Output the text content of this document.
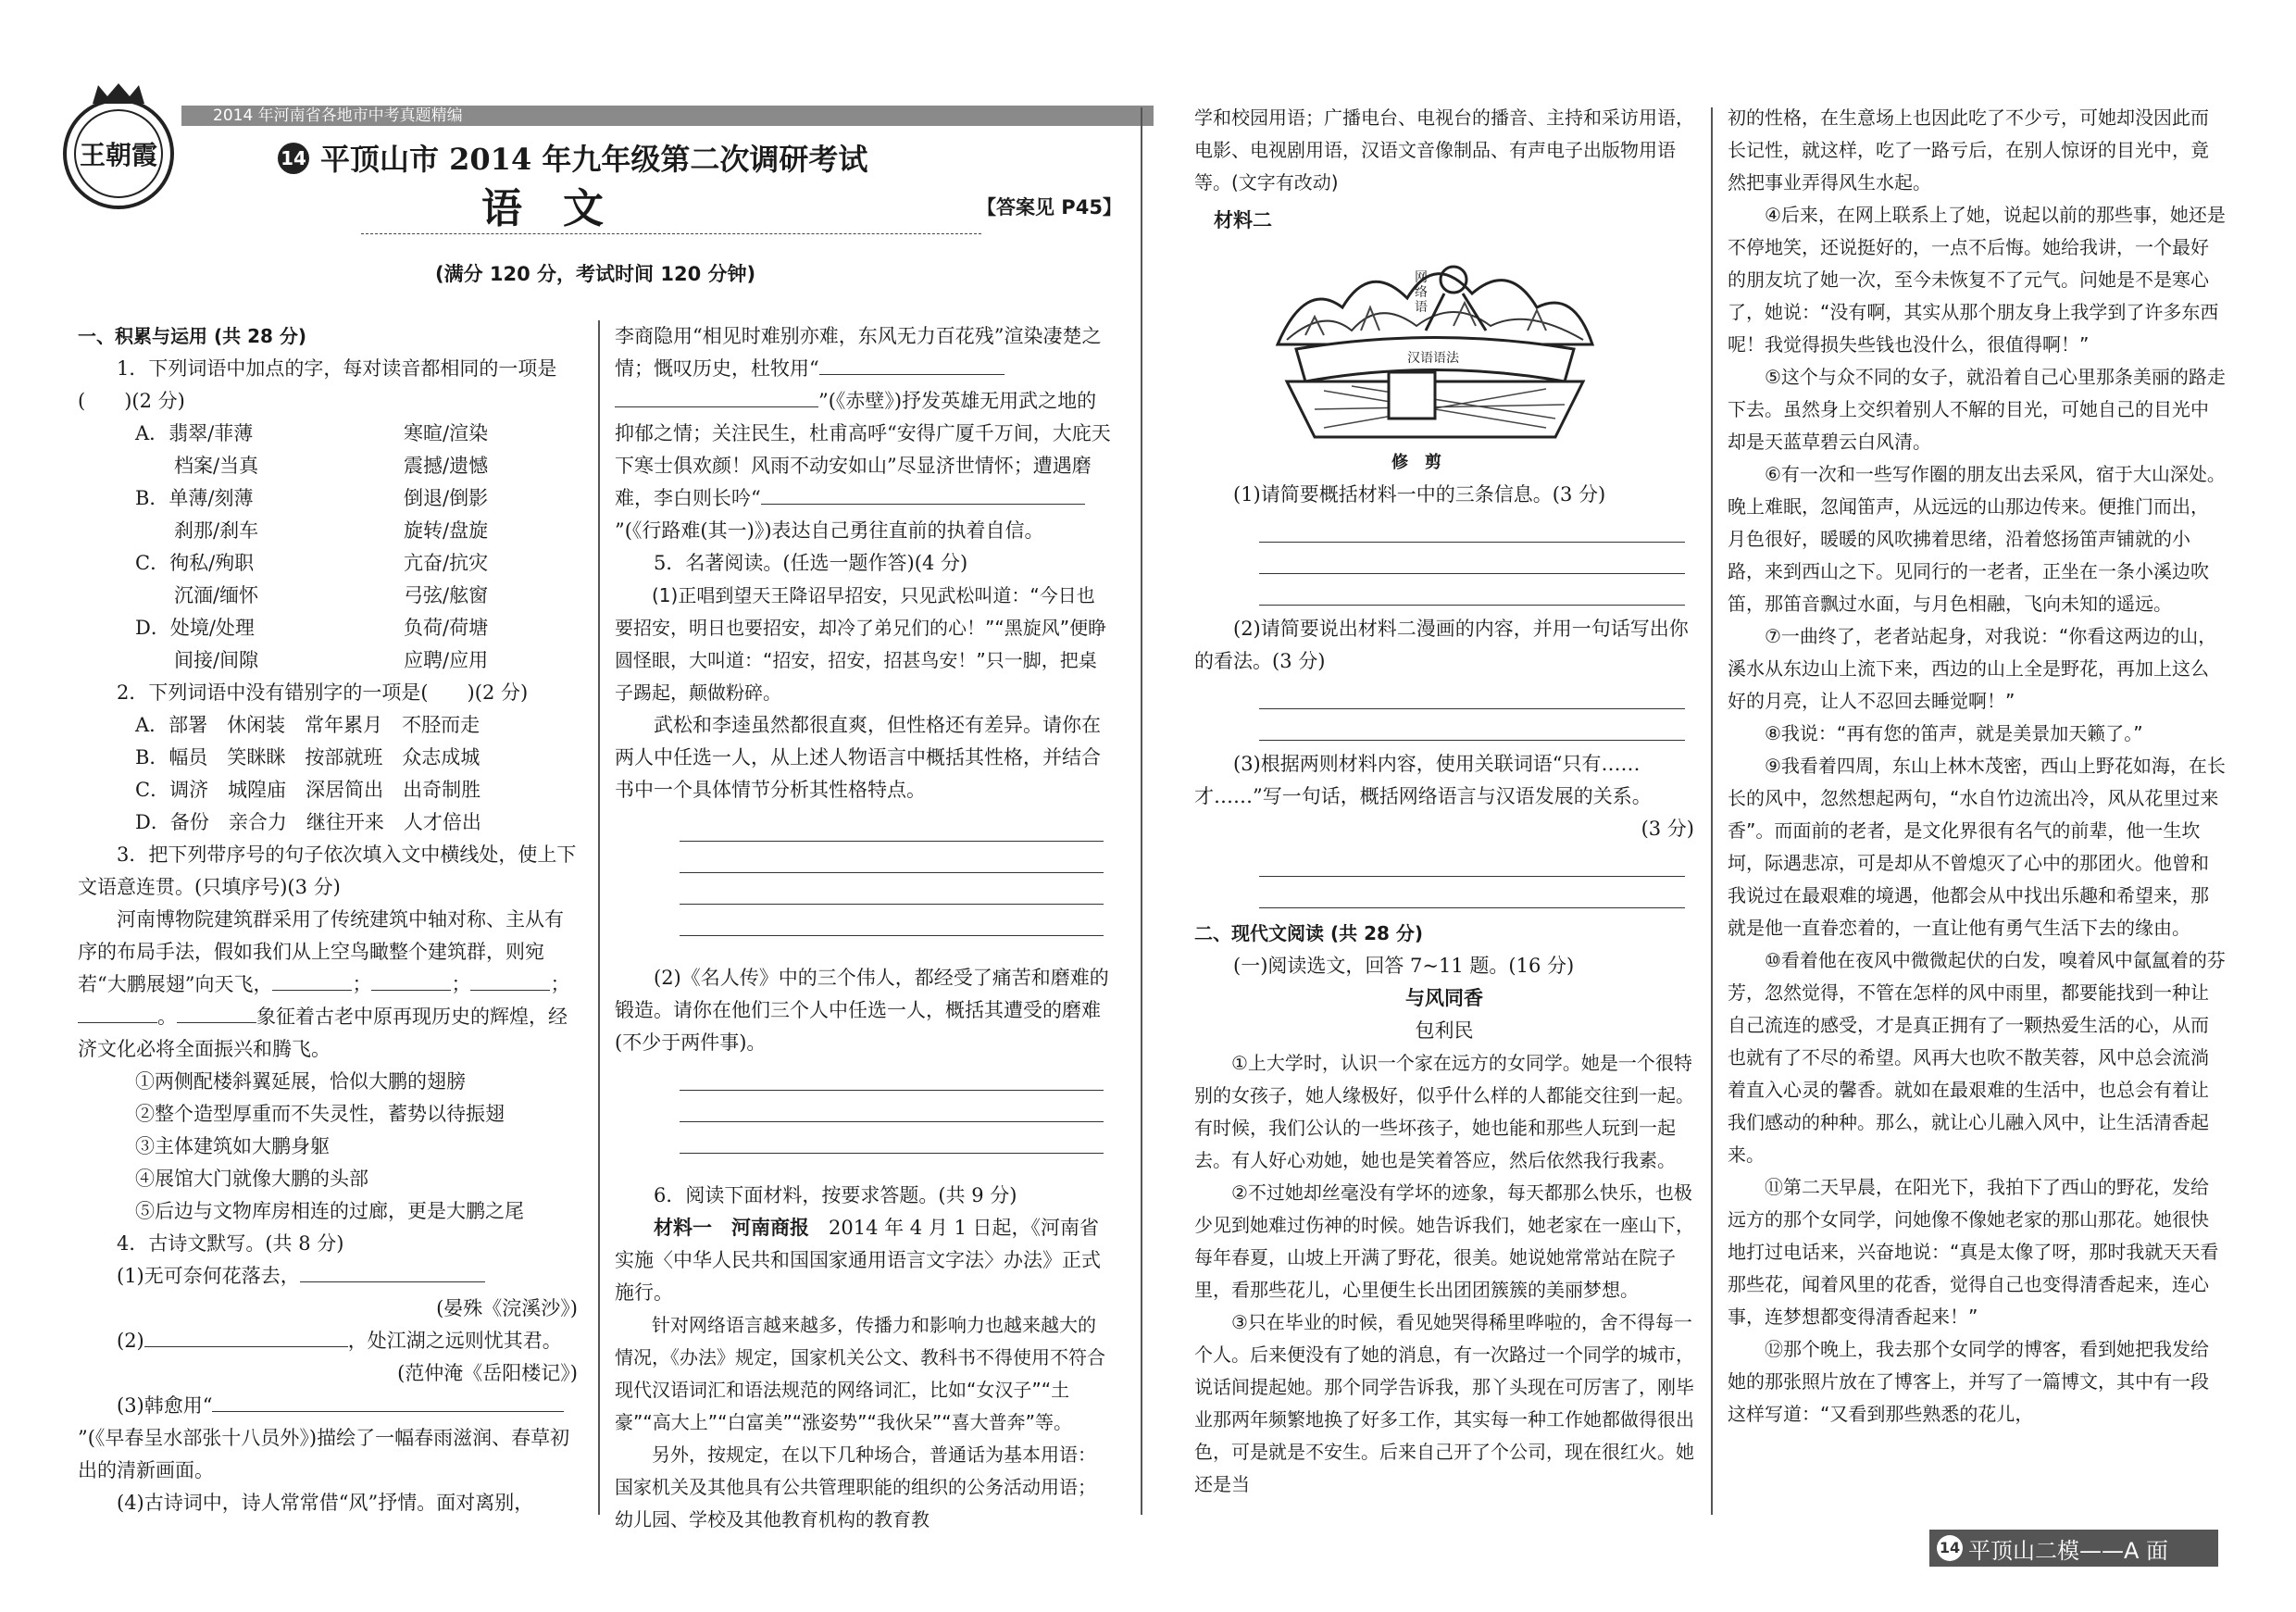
王朝霞
2014 年河南省各地市中考真题精编
14 平顶山市 2014 年九年级第二次调研考试
语　文	【答案见 P45】
(满分 120 分，考试时间 120 分钟)

一、积累与运用 (共 28 分)

1．下列词语中加点的字，每对读音都相同的一项是(　　)(2 分)

A．翡翠/菲薄	寒暄/渲染
　　档案/当真	震撼/遗憾
B．单薄/刻薄	倒退/倒影
　　刹那/刹车	旋转/盘旋
C．徇私/殉职	亢奋/抗灾
　　沉湎/缅怀	弓弦/舷窗
D．处境/处理	负荷/荷塘
　　间接/间隙	应聘/应用

2．下列词语中没有错别字的一项是(　　)(2 分)

A．部署　休闲装　常年累月　不胫而走

B．幅员　笑眯眯　按部就班　众志成城

C．调济　城隍庙　深居简出　出奇制胜

D．备份　亲合力　继往开来　人才倍出

3．把下列带序号的句子依次填入文中横线处，使上下文语意连贯。(只填序号)(3 分)

河南博物院建筑群采用了传统建筑中轴对称、主从有序的布局手法，假如我们从上空鸟瞰整个建筑群，则宛若“大鹏展翅”向天飞，	；	；	；。	象征着古老中原再现历史的辉煌，经济文化必将全面振兴和腾飞。

①两侧配楼斜翼延展，恰似大鹏的翅膀

②整个造型厚重而不失灵性，蓄势以待振翅

③主体建筑如大鹏身躯

④展馆大门就像大鹏的头部

⑤后边与文物库房相连的过廊，更是大鹏之尾

4．古诗文默写。(共 8 分)

(1)无可奈何花落去，

(晏殊《浣溪沙》)

(2)	，处江湖之远则忧其君。

(范仲淹《岳阳楼记》)

(3)韩愈用“”(《早春呈水部张十八员外》)描绘了一幅春雨滋润、春草初出的清新画面。

(4)古诗词中，诗人常常借“风”抒情。面对离别，

李商隐用“相见时难别亦难，东风无力百花残”渲染凄楚之情；慨叹历史，杜牧用“”(《赤壁》)抒发英雄无用武之地的抑郁之情；关注民生，杜甫高呼“安得广厦千万间，大庇天下寒士俱欢颜！风雨不动安如山”尽显济世情怀；遭遇磨难，李白则长吟“”(《行路难(其一)》)表达自己勇往直前的执着自信。

5．名著阅读。(任选一题作答)(4 分)

(1)正唱到望天王降诏早招安，只见武松叫道：“今日也要招安，明日也要招安，却冷了弟兄们的心！”“黑旋风”便睁圆怪眼，大叫道：“招安，招安，招甚鸟安！”只一脚，把桌子踢起，颠做粉碎。

武松和李逵虽然都很直爽，但性格还有差异。请你在两人中任选一人，从上述人物语言中概括其性格，并结合书中一个具体情节分析其性格特点。

(2)《名人传》中的三个伟人，都经受了痛苦和磨难的锻造。请你在他们三个人中任选一人，概括其遭受的磨难(不少于两件事)。

6．阅读下面材料，按要求答题。(共 9 分)

材料一　 河南商报　 2014 年 4 月 1 日起，《河南省实施〈中华人民共和国国家通用语言文字法〉办法》正式施行。

针对网络语言越来越多，传播力和影响力也越来越大的情况，《办法》规定，国家机关公文、教科书不得使用不符合现代汉语词汇和语法规范的网络词汇，比如“女汉子”“土豪”“高大上”“白富美”“涨姿势”“我伙呆”“喜大普奔”等。

另外，按规定，在以下几种场合，普通话为基本用语：国家机关及其他具有公共管理职能的组织的公务活动用语；幼儿园、学校及其他教育机构的教育教

学和校园用语；广播电台、电视台的播音、主持和采访用语，电影、电视剧用语，汉语文音像制品、有声电子出版物用语等。(文字有改动)

材料二

网络语
汉语语法

修　剪

(1)请简要概括材料一中的三条信息。(3 分)

(2)请简要说出材料二漫画的内容，并用一句话写出你的看法。(3 分)

(3)根据两则材料内容，使用关联词语“只有……才……”写一句话，概括网络语言与汉语发展的关系。

(3 分)

二、现代文阅读 (共 28 分)

(一)阅读选文，回答 7~11 题。(16 分)

与风同香

包利民

①上大学时，认识一个家在远方的女同学。她是一个很特别的女孩子，她人缘极好，似乎什么样的人都能交往到一起。有时候，我们公认的一些坏孩子，她也能和那些人玩到一起去。有人好心劝她，她也是笑着答应，然后依然我行我素。

②不过她却丝毫没有学坏的迹象，每天都那么快乐，也极少见到她难过伤神的时候。她告诉我们，她老家在一座山下，每年春夏，山坡上开满了野花，很美。她说她常常站在院子里，看那些花儿，心里便生长出团团簇簇的美丽梦想。

③只在毕业的时候，看见她哭得稀里哗啦的，舍不得每一个人。后来便没有了她的消息，有一次路过一个同学的城市，说话间提起她。那个同学告诉我，那丫头现在可厉害了，刚毕业那两年频繁地换了好多工作，其实每一种工作她都做得很出色，可是就是不安生。后来自己开了个公司，现在很红火。她还是当

初的性格，在生意场上也因此吃了不少亏，可她却没因此而长记性，就这样，吃了一路亏后，在别人惊讶的目光中，竟然把事业弄得风生水起。

④后来，在网上联系上了她，说起以前的那些事，她还是不停地笑，还说挺好的，一点不后悔。她给我讲，一个最好的朋友坑了她一次，至今未恢复不了元气。问她是不是寒心了，她说：“没有啊，其实从那个朋友身上我学到了许多东西呢！我觉得损失些钱也没什么，很值得啊！”

⑤这个与众不同的女子，就沿着自己心里那条美丽的路走下去。虽然身上交织着别人不解的目光，可她自己的目光中却是天蓝草碧云白风清。

⑥有一次和一些写作圈的朋友出去采风，宿于大山深处。晚上难眠，忽闻笛声，从远远的山那边传来。便推门而出，月色很好，暖暖的风吹拂着思绪，沿着悠扬笛声铺就的小路，来到西山之下。见同行的一老者，正坐在一条小溪边吹笛，那笛音飘过水面，与月色相融，飞向未知的遥远。

⑦一曲终了，老者站起身，对我说：“你看这两边的山，溪水从东边山上流下来，西边的山上全是野花，再加上这么好的月亮，让人不忍回去睡觉啊！”

⑧我说：“再有您的笛声，就是美景加天籁了。”

⑨我看着四周，东山上林木茂密，西山上野花如海，在长长的风中，忽然想起两句，“水自竹边流出冷，风从花里过来香”。而面前的老者，是文化界很有名气的前辈，他一生坎坷，际遇悲凉，可是却从不曾熄灭了心中的那团火。他曾和我说过在最艰难的境遇，他都会从中找出乐趣和希望来，那就是他一直眷恋着的，一直让他有勇气生活下去的缘由。

⑩看着他在夜风中微微起伏的白发，嗅着风中氤氲着的芬芳，忽然觉得，不管在怎样的风中雨里，都要能找到一种让自己流连的感受，才是真正拥有了一颗热爱生活的心，从而也就有了不尽的希望。风再大也吹不散芙蓉，风中总会流淌着直入心灵的馨香。就如在最艰难的生活中，也总会有着让我们感动的种种。那么，就让心儿融入风中，让生活清香起来。

⑪第二天早晨，在阳光下，我拍下了西山的野花，发给远方的那个女同学，问她像不像她老家的那山那花。她很快地打过电话来，兴奋地说：“真是太像了呀，那时我就天天看那些花，闻着风里的花香，觉得自己也变得清香起来，连心事，连梦想都变得清香起来！”

⑫那个晚上，我去那个女同学的博客，看到她把我发给她的那张照片放在了博客上，并写了一篇博文，其中有一段这样写道：“又看到那些熟悉的花儿，

14 平顶山二模——A 面
